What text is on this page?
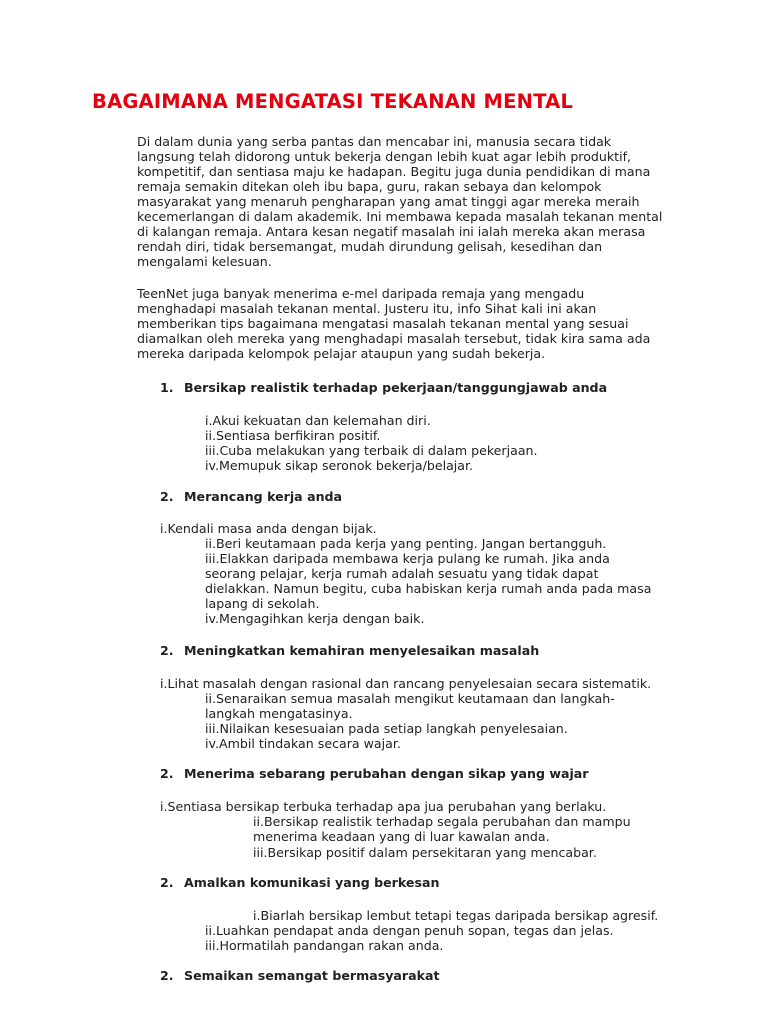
BAGAIMANA MENGATASI TEKANAN MENTAL
Di dalam dunia yang serba pantas dan mencabar ini, manusia secara tidak
langsung telah didorong untuk bekerja dengan lebih kuat agar lebih produktif,
kompetitif, dan sentiasa maju ke hadapan. Begitu juga dunia pendidikan di mana
remaja semakin ditekan oleh ibu bapa, guru, rakan sebaya dan kelompok
masyarakat yang menaruh pengharapan yang amat tinggi agar mereka meraih
kecemerlangan di dalam akademik. Ini membawa kepada masalah tekanan mental
di kalangan remaja. Antara kesan negatif masalah ini ialah mereka akan merasa
rendah diri, tidak bersemangat, mudah dirundung gelisah, kesedihan dan
mengalami kelesuan.
TeenNet juga banyak menerima e-mel daripada remaja yang mengadu
menghadapi masalah tekanan mental. Justeru itu, info Sihat kali ini akan
memberikan tips bagaimana mengatasi masalah tekanan mental yang sesuai
diamalkan oleh mereka yang menghadapi masalah tersebut, tidak kira sama ada
mereka daripada kelompok pelajar ataupun yang sudah bekerja.
1. Bersikap realistik terhadap pekerjaan/tanggungjawab anda
i.Akui kekuatan dan kelemahan diri.
ii.Sentiasa berfikiran positif.
iii.Cuba melakukan yang terbaik di dalam pekerjaan.
iv.Memupuk sikap seronok bekerja/belajar.
2. Merancang kerja anda
i.Kendali masa anda dengan bijak.
ii.Beri keutamaan pada kerja yang penting. Jangan bertangguh.
iii.Elakkan daripada membawa kerja pulang ke rumah. Jika anda
seorang pelajar, kerja rumah adalah sesuatu yang tidak dapat
dielakkan. Namun begitu, cuba habiskan kerja rumah anda pada masa
lapang di sekolah.
iv.Mengagihkan kerja dengan baik.
2. Meningkatkan kemahiran menyelesaikan masalah
i.Lihat masalah dengan rasional dan rancang penyelesaian secara sistematik.
ii.Senaraikan semua masalah mengikut keutamaan dan langkah-
langkah mengatasinya.
iii.Nilaikan kesesuaian pada setiap langkah penyelesaian.
iv.Ambil tindakan secara wajar.
2. Menerima sebarang perubahan dengan sikap yang wajar
i.Sentiasa bersikap terbuka terhadap apa jua perubahan yang berlaku.
ii.Bersikap realistik terhadap segala perubahan dan mampu
menerima keadaan yang di luar kawalan anda.
iii.Bersikap positif dalam persekitaran yang mencabar.
2. Amalkan komunikasi yang berkesan
i.Biarlah bersikap lembut tetapi tegas daripada bersikap agresif.
ii.Luahkan pendapat anda dengan penuh sopan, tegas dan jelas.
iii.Hormatilah pandangan rakan anda.
2. Semaikan semangat bermasyarakat
